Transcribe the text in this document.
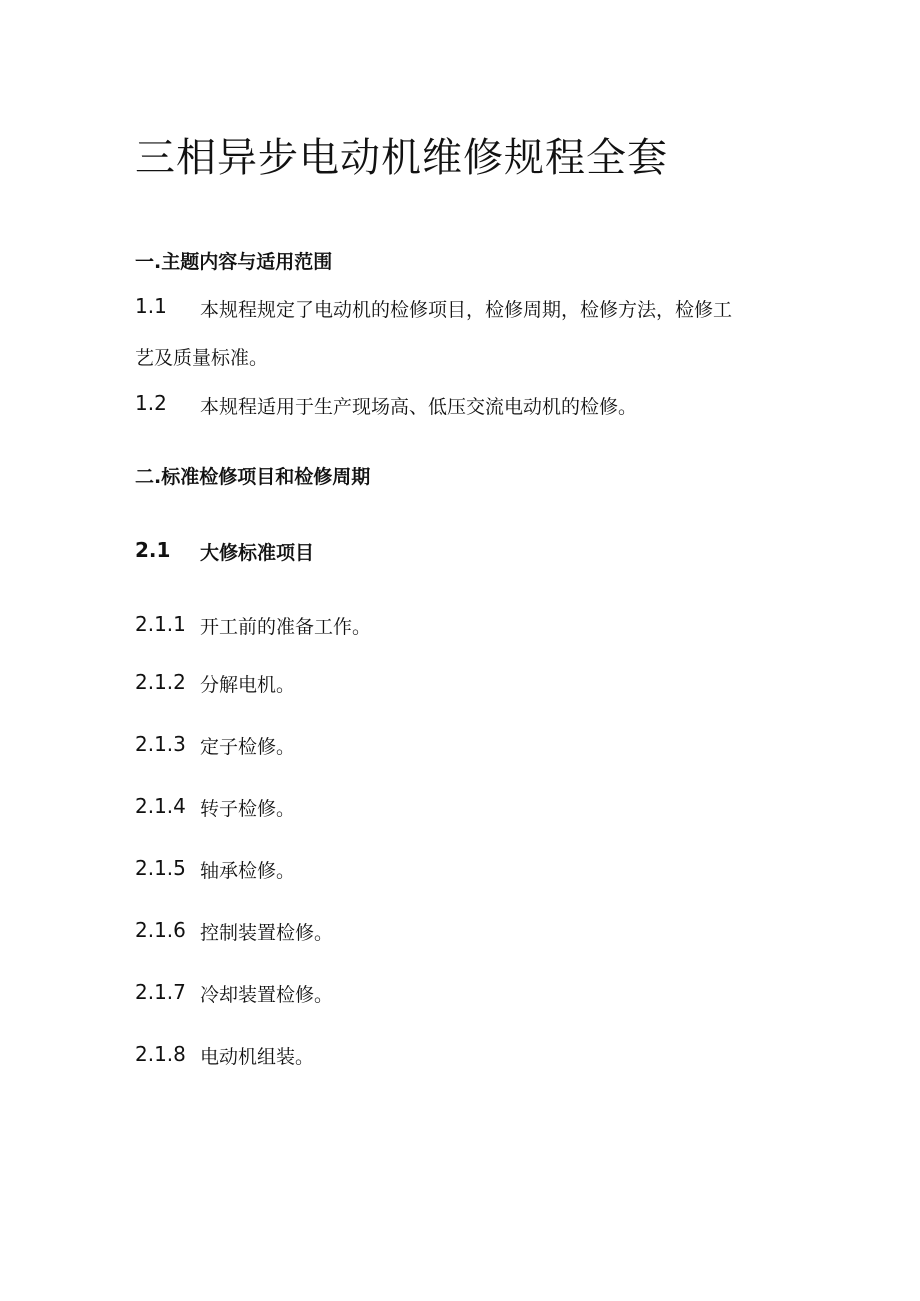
三相异步电动机维修规程全套
一.主题内容与适用范围
1.1 本规程规定了电动机的检修项目，检修周期，检修方法，检修工
艺及质量标准。
1.2 本规程适用于生产现场高、低压交流电动机的检修。
二.标准检修项目和检修周期
2.1 大修标准项目
2.1.1 开工前的准备工作。
2.1.2 分解电机。
2.1.3 定子检修。
2.1.4 转子检修。
2.1.5 轴承检修。
2.1.6 控制装置检修。
2.1.7 冷却装置检修。
2.1.8 电动机组装。
